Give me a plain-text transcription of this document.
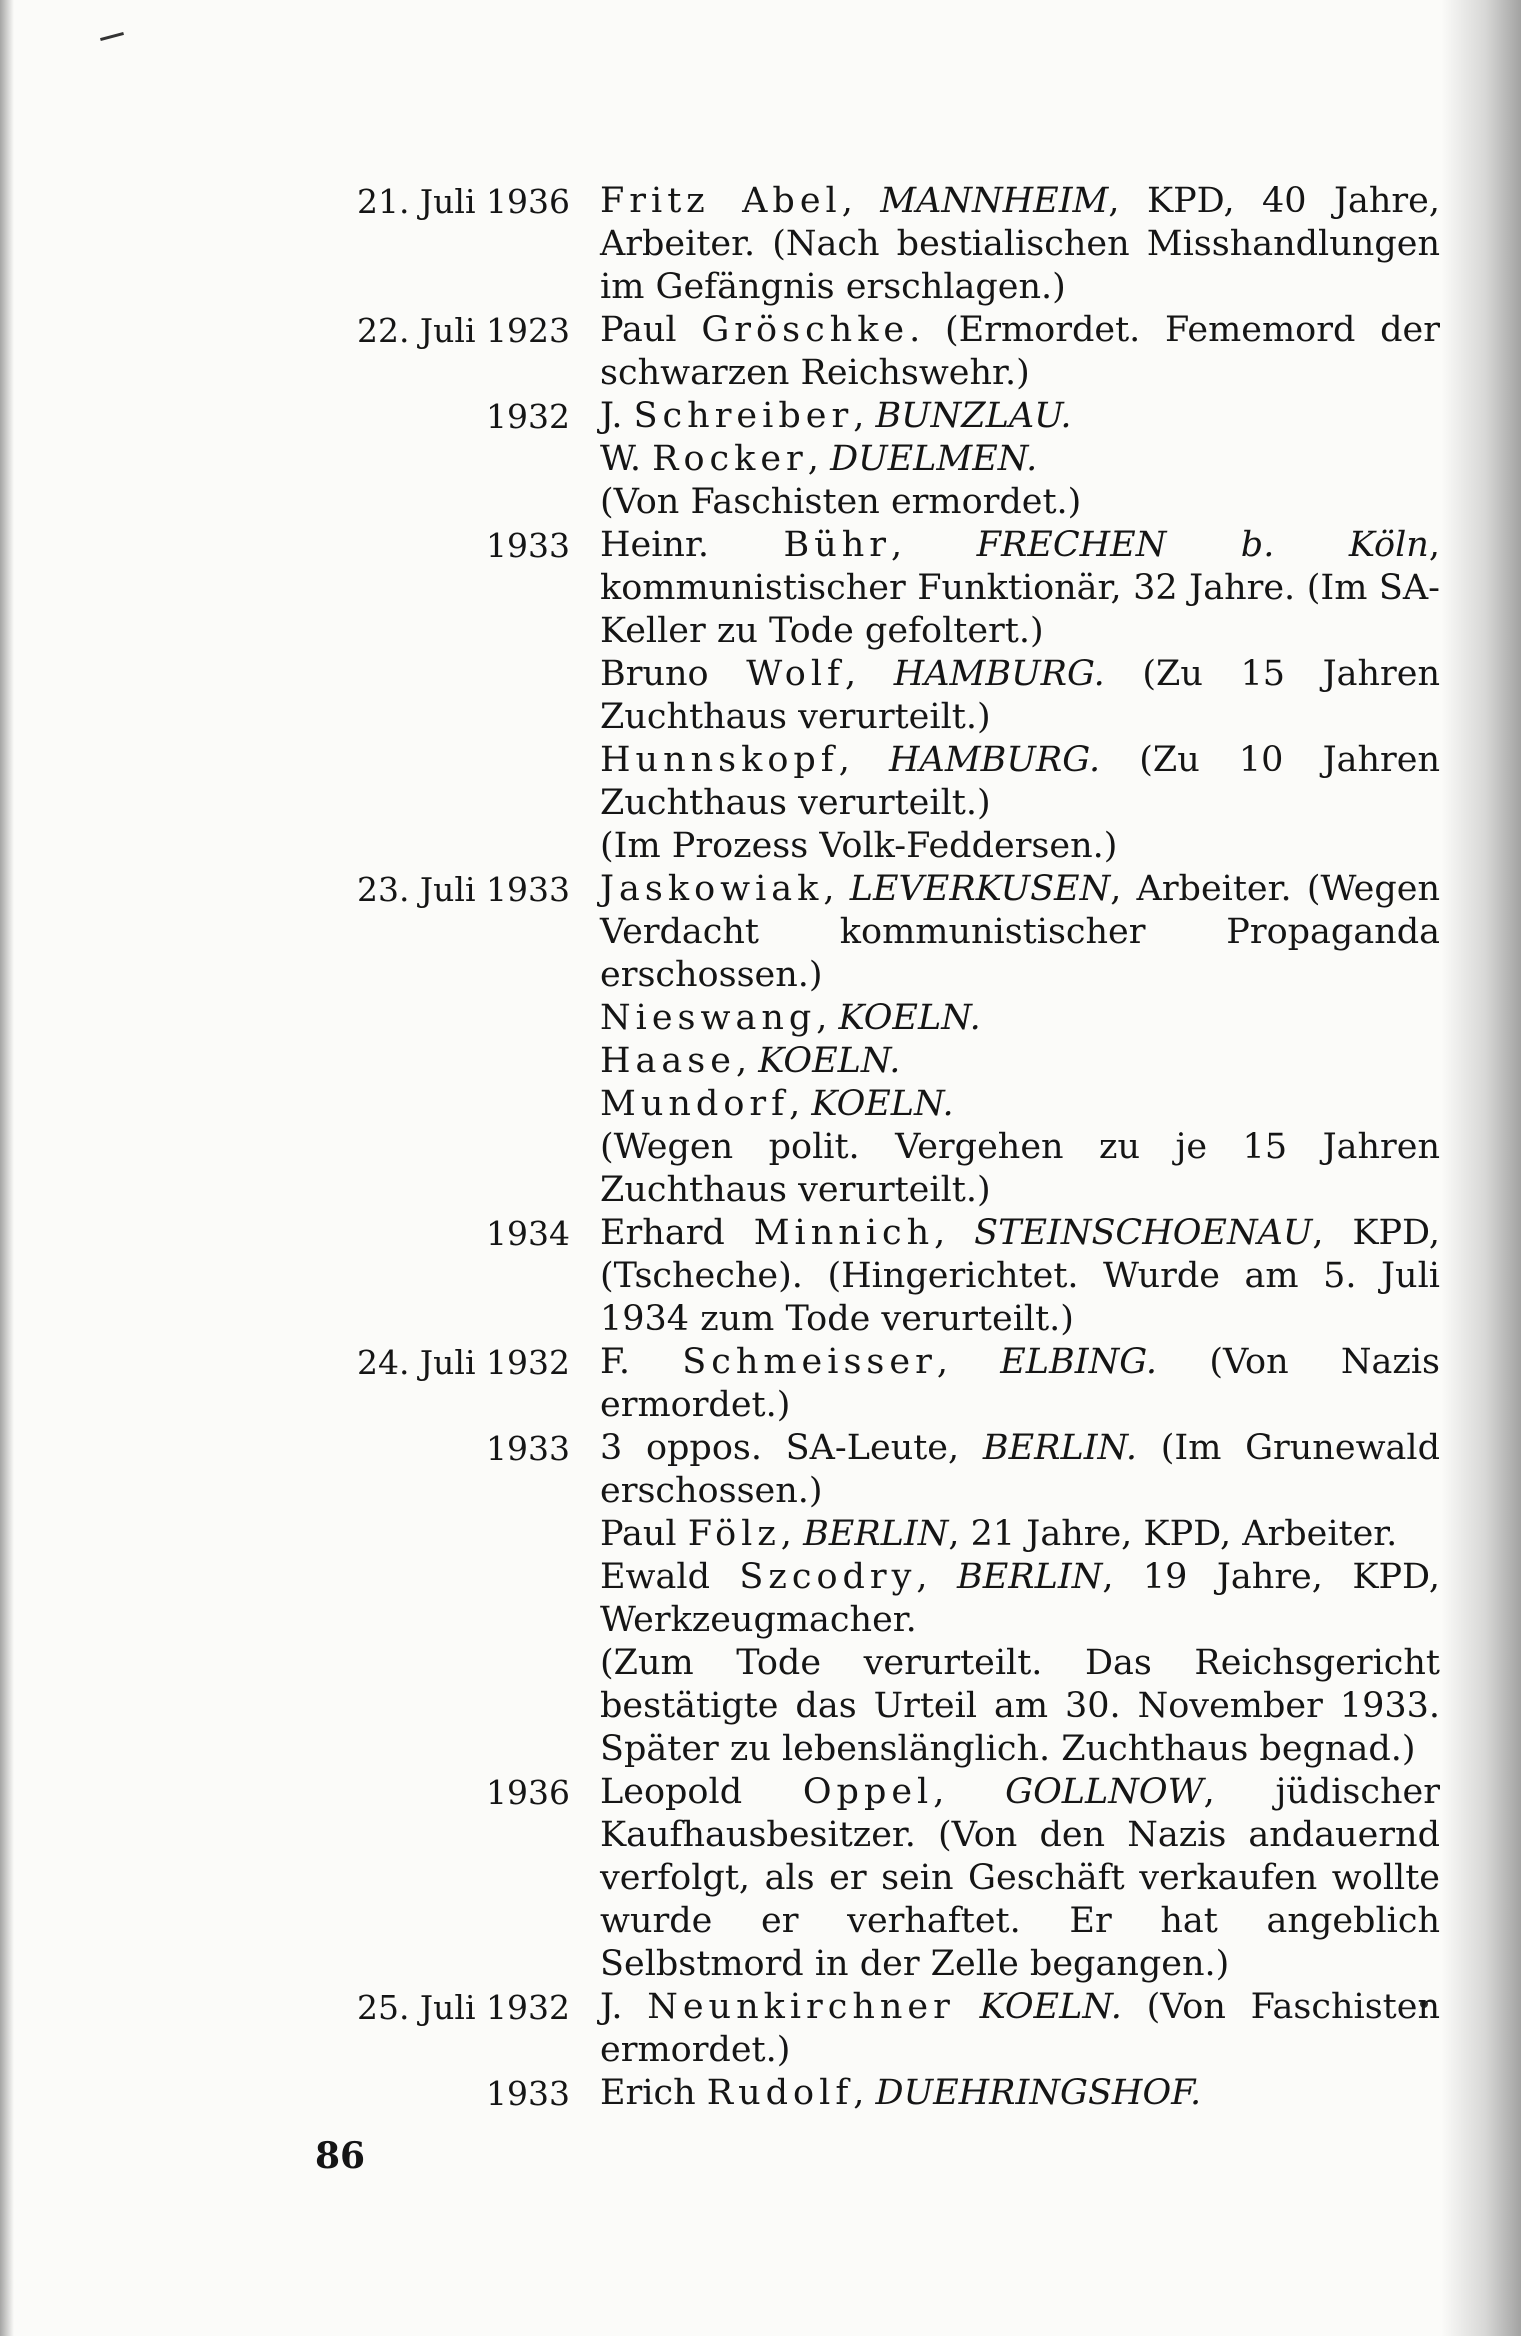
21. Juli 1936 Fritz Abel, MANNHEIM, KPD, 40 Jahre, Arbeiter. (Nach bestialischen Misshandlungen im Gefängnis erschlagen.)
22. Juli 1923 Paul Gröschke. (Ermordet. Fememord der schwarzen Reichswehr.)
1932 J. Schreiber, BUNZLAU.
W. Rocker, DUELMEN.
(Von Faschisten ermordet.)
1933 Heinr. Bühr, FRECHEN b. Köln, kommunistischer Funktionär, 32 Jahre. (Im SA-Keller zu Tode gefoltert.)
Bruno Wolf, HAMBURG. (Zu 15 Jahren Zuchthaus verurteilt.)
Hunnskopf, HAMBURG. (Zu 10 Jahren Zuchthaus verurteilt.)
(Im Prozess Volk-Feddersen.)
23. Juli 1933 Jaskowiak, LEVERKUSEN, Arbeiter. (Wegen Verdacht kommunistischer Propaganda erschossen.)
Nieswang, KOELN.
Haase, KOELN.
Mundorf, KOELN.
(Wegen polit. Vergehen zu je 15 Jahren Zuchthaus verurteilt.)
1934 Erhard Minnich, STEINSCHOENAU, KPD, (Tscheche). (Hingerichtet. Wurde am 5. Juli 1934 zum Tode verurteilt.)
24. Juli 1932 F. Schmeisser, ELBING. (Von Nazis ermordet.)
1933 3 oppos. SA-Leute, BERLIN. (Im Grunewald erschossen.)
Paul Fölz, BERLIN, 21 Jahre, KPD, Arbeiter.
Ewald Szcodry, BERLIN, 19 Jahre, KPD, Werkzeugmacher.
(Zum Tode verurteilt. Das Reichsgericht bestätigte das Urteil am 30. November 1933. Später zu lebenslänglich. Zuchthaus begnad.)
1936 Leopold Oppel, GOLLNOW, jüdischer Kaufhausbesitzer. (Von den Nazis andauernd verfolgt, als er sein Geschäft verkaufen wollte wurde er verhaftet. Er hat angeblich Selbstmord in der Zelle begangen.)
25. Juli 1932 J. Neunkirchner KOELN. (Von Faschisten ermordet.)
1933 Erich Rudolf, DUEHRINGSHOF.
86
